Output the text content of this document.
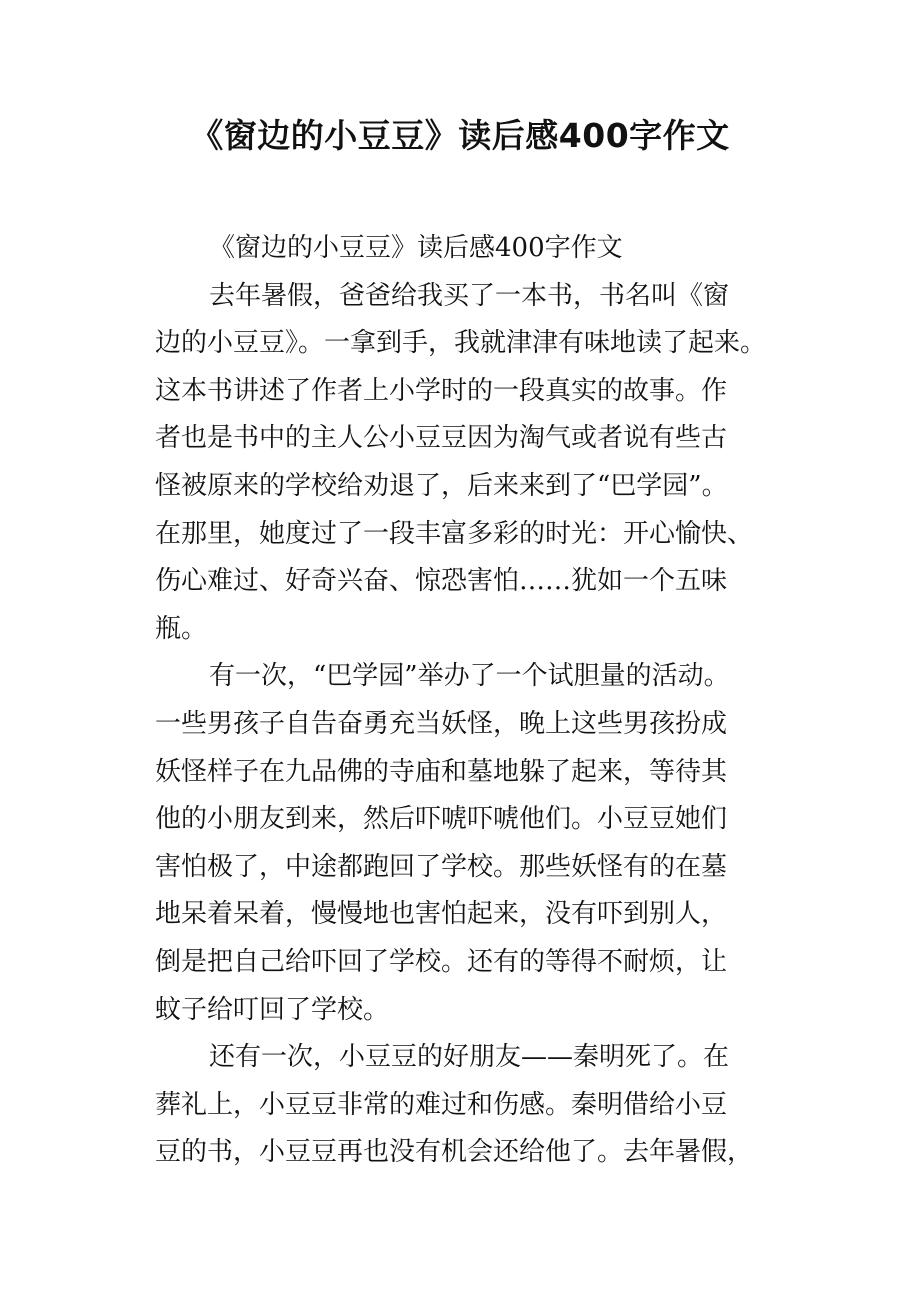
《窗边的小豆豆》读后感400字作文
《窗边的小豆豆》读后感400字作文
去年暑假，爸爸给我买了一本书，书名叫《窗
边的小豆豆》。一拿到手，我就津津有味地读了起来。
这本书讲述了作者上小学时的一段真实的故事。作
者也是书中的主人公小豆豆因为淘气或者说有些古
怪被原来的学校给劝退了，后来来到了“巴学园”。
在那里，她度过了一段丰富多彩的时光：开心愉快、
伤心难过、好奇兴奋、惊恐害怕……犹如一个五味
瓶。
有一次，“巴学园”举办了一个试胆量的活动。
一些男孩子自告奋勇充当妖怪，晚上这些男孩扮成
妖怪样子在九品佛的寺庙和墓地躲了起来，等待其
他的小朋友到来，然后吓唬吓唬他们。小豆豆她们
害怕极了，中途都跑回了学校。那些妖怪有的在墓
地呆着呆着，慢慢地也害怕起来，没有吓到别人，
倒是把自己给吓回了学校。还有的等得不耐烦，让
蚊子给叮回了学校。
还有一次，小豆豆的好朋友——秦明死了。在
葬礼上，小豆豆非常的难过和伤感。秦明借给小豆
豆的书，小豆豆再也没有机会还给他了。去年暑假，
